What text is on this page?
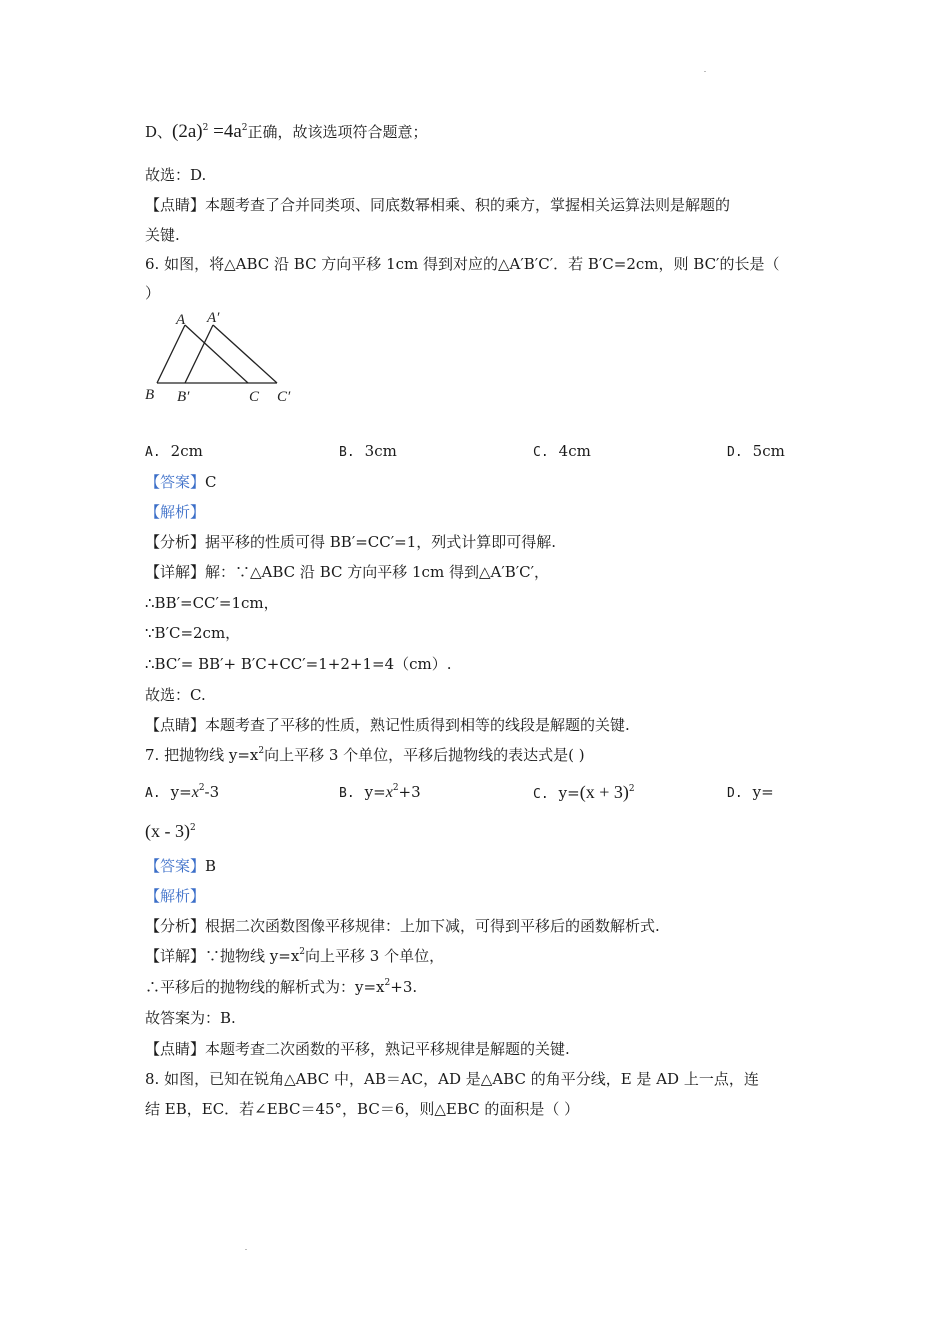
D、$(2a)^2 =4a^2$正确，故该选项符合题意；
故选：D.
【点睛】本题考查了合并同类项、同底数幂相乘、积的乘方，掌握相关运算法则是解题的
关键.
6. 如图，将△ABC 沿 BC 方向平移 1cm 得到对应的△A′B′C′．若 B′C=2cm，则 BC′的长是（
）
A A′
B B′	C C′
A. 2cm	B. 3cm	C. 4cm	D. 5cm
【答案】C
【解析】
【分析】据平移的性质可得 BB′=CC′=1，列式计算即可得解.
【详解】解：∵△ABC 沿 BC 方向平移 1cm 得到△A′B′C′，
∴BB′=CC′=1cm，
∵B′C=2cm，
∴BC′= BB′+ B′C+CC′=1+2+1=4（cm）.
故选：C.
【点睛】本题考查了平移的性质，熟记性质得到相等的线段是解题的关键.
7. 把抛物线 $y=x^2$向上平移 3 个单位，平移后抛物线的表达式是( )
A. $y=x^2-3$	B. $y=x^2+3$	C. $y=(x + 3)^2$	D. y=
(x - 3)$^2$
【答案】B
【解析】
【分析】根据二次函数图像平移规律：上加下减，可得到平移后的函数解析式.
【详解】∵抛物线 $y=x^2$向上平移 3 个单位，
∴平移后的抛物线的解析式为：$y=x^2+3$.
故答案为：B.
【点睛】本题考查二次函数的平移，熟记平移规律是解题的关键.
8. 如图，已知在锐角△ABC 中，AB＝AC，AD 是△ABC 的角平分线，E 是 AD 上一点，连
结 EB，EC．若∠EBC＝45°，BC＝6，则△EBC 的面积是（ ）
